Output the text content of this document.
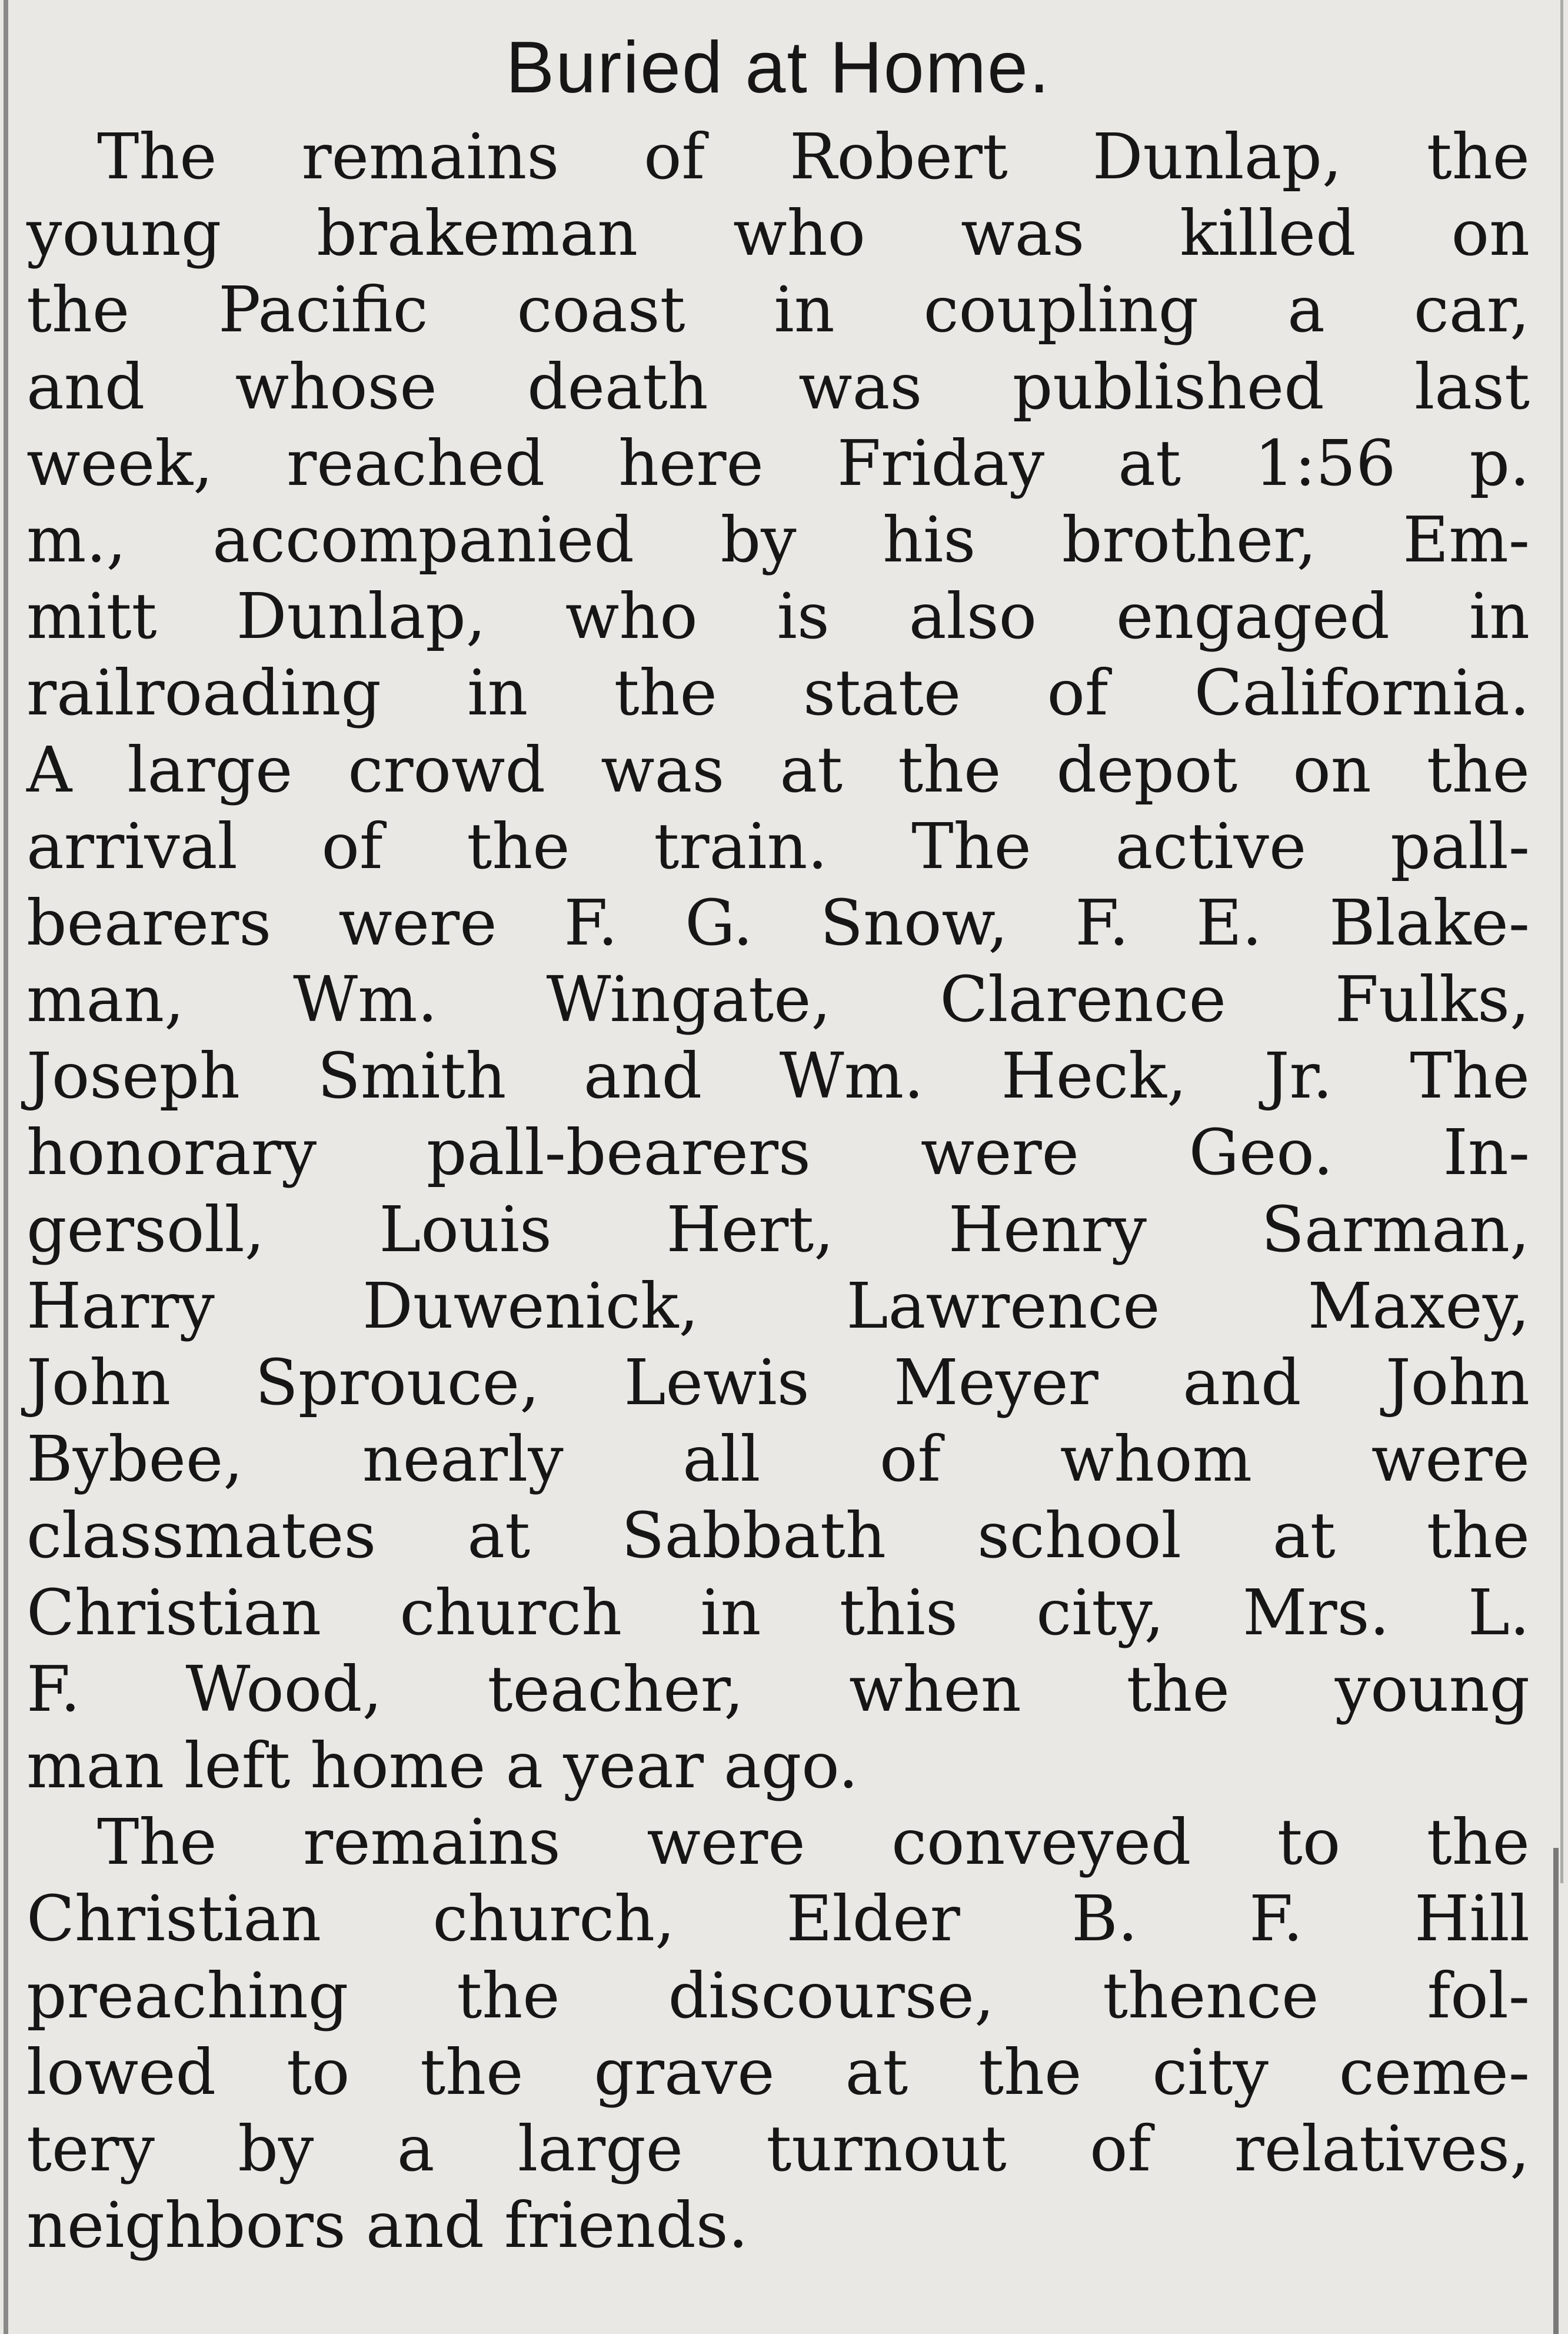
Buried at Home.

The remains of Robert Dunlap, the
young brakeman who was killed on
the Pacific coast in coupling a car,
and whose death was published last
week, reached here Friday at 1:56 p.
m., accompanied by his brother, Em-
mitt Dunlap, who is also engaged in
railroading in the state of California.
A large crowd was at the depot on the
arrival of the train. The active pall-
bearers were F. G. Snow, F. E. Blake-
man, Wm. Wingate, Clarence Fulks,
Joseph Smith and Wm. Heck, Jr. The
honorary pall-bearers were Geo. In-
gersoll, Louis Hert, Henry Sarman,
Harry Duwenick, Lawrence Maxey,
John Sprouce, Lewis Meyer and John
Bybee, nearly all of whom were
classmates at Sabbath school at the
Christian church in this city, Mrs. L.
F. Wood, teacher, when the young
man left home a year ago.

The remains were conveyed to the
Christian church, Elder B. F. Hill
preaching the discourse, thence fol-
lowed to the grave at the city ceme-
tery by a large turnout of relatives,
neighbors and friends.
